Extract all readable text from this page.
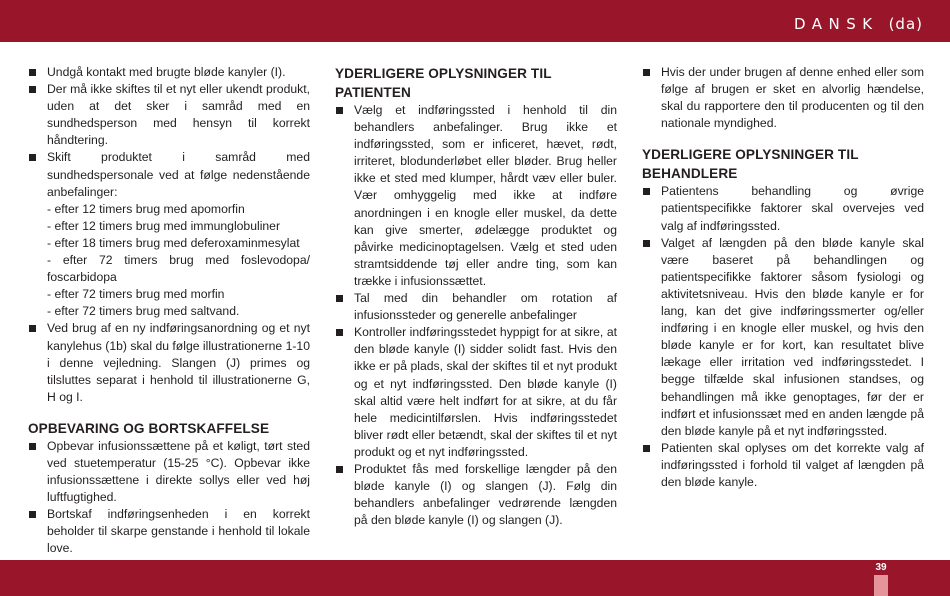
DANSK (da)
Undgå kontakt med brugte bløde kanyler (I).
Der må ikke skiftes til et nyt eller ukendt produkt, uden at det sker i samråd med en sundhedsperson med hensyn til korrekt håndtering.
Skift produktet i samråd med sundhedspersonale ved at følge nedenstående anbefalinger:
- efter 12 timers brug med apomorfin
- efter 12 timers brug med immunglobuliner
- efter 18 timers brug med deferoxaminmesylat
- efter 72 timers brug med foslevodopa/ foscarbidopa
- efter 72 timers brug med morfin
- efter 72 timers brug med saltvand.
Ved brug af en ny indføringsanordning og et nyt kanylehus (1b) skal du følge illustrationerne 1-10 i denne vejledning. Slangen (J) primes og tilsluttes separat i henhold til illustrationerne G, H og I.
OPBEVARING OG BORTSKAFFELSE
Opbevar infusionssættene på et køligt, tørt sted ved stuetemperatur (15-25 °C). Opbevar ikke infusionssættene i direkte sollys eller ved høj luftfugtighed.
Bortskaf indføringsenheden i en korrekt beholder til skarpe genstande i henhold til lokale love.
YDERLIGERE OPLYSNINGER TIL PATIENTEN
Vælg et indføringssted i henhold til din behandlers anbefalinger. Brug ikke et indføringssted, som er inficeret, hævet, rødt, irriteret, blodunderløbet eller bløder. Brug heller ikke et sted med klumper, hårdt væv eller buler. Vær omhyggelig med ikke at indføre anordningen i en knogle eller muskel, da dette kan give smerter, ødelægge produktet og påvirke medicinoptagelsen. Vælg et sted uden stramtsiddende tøj eller andre ting, som kan trække i infusionssættet.
Tal med din behandler om rotation af infusionssteder og generelle anbefalinger
Kontroller indføringsstedet hyppigt for at sikre, at den bløde kanyle (I) sidder solidt fast. Hvis den ikke er på plads, skal der skiftes til et nyt produkt og et nyt indføringssted. Den bløde kanyle (I) skal altid være helt indført for at sikre, at du får hele medicintilførslen. Hvis indføringsstedet bliver rødt eller betændt, skal der skiftes til et nyt produkt og et nyt indføringssted.
Produktet fås med forskellige længder på den bløde kanyle (I) og slangen (J). Følg din behandlers anbefalinger vedrørende længden på den bløde kanyle (I) og slangen (J).
Hvis der under brugen af denne enhed eller som følge af brugen er sket en alvorlig hændelse, skal du rapportere den til producenten og til den nationale myndighed.
YDERLIGERE OPLYSNINGER TIL BEHANDLERE
Patientens behandling og øvrige patientspecifikke faktorer skal overvejes ved valg af indføringssted.
Valget af længden på den bløde kanyle skal være baseret på behandlingen og patientspecifikke faktorer såsom fysiologi og aktivitetsniveau. Hvis den bløde kanyle er for lang, kan det give indføringssmerter og/eller indføring i en knogle eller muskel, og hvis den bløde kanyle er for kort, kan resultatet blive lækage eller irritation ved indføringsstedet. I begge tilfælde skal infusionen standses, og behandlingen må ikke genoptages, før der er indført et infusionssæt med en anden længde på den bløde kanyle på et nyt indføringssted.
Patienten skal oplyses om det korrekte valg af indføringssted i forhold til valget af længden på den bløde kanyle.
39
